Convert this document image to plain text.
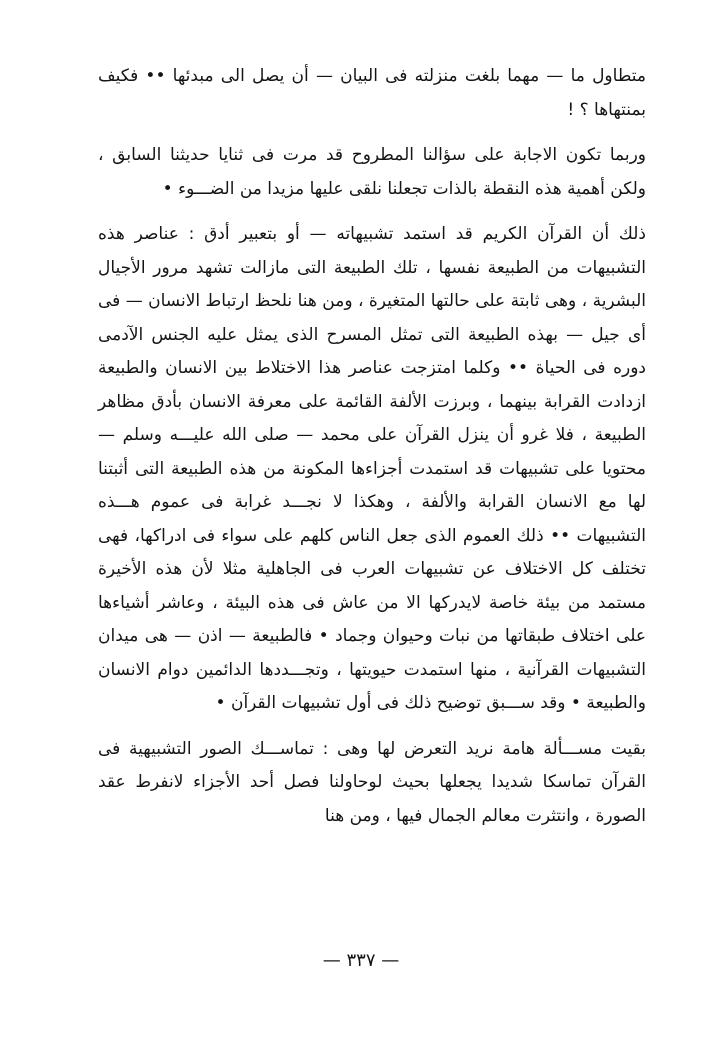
متطاول ما — مهما بلغت منزلته فى البيان — أن يصل الى مبدئها •• فكيف بمنتهاها ؟ !

وربما تكون الاجابة على سؤالنا المطروح قد مرت فى ثنايا حديثنا السابق ، ولكن أهمية هذه النقطة بالذات تجعلنا نلقى عليها مزيدا من الضـــوء •

ذلك أن القرآن الكريم قد استمد تشبيهاته — أو بتعبير أدق : عناصر هذه التشبيهات من الطبيعة نفسها ، تلك الطبيعة التى مازالت تشهد مرور الأجيال البشرية ، وهى ثابتة على حالتها المتغيرة ، ومن هنا نلحظ ارتباط الانسان — فى أى جيل — بهذه الطبيعة التى تمثل المسرح الذى يمثل عليه الجنس الآدمى دوره فى الحياة •• وكلما امتزجت عناصر هذا الاختلاط بين الانسان والطبيعة ازدادت القرابة بينهما ، وبرزت الألفة القائمة على معرفة الانسان بأدق مظاهر الطبيعة ، فلا غرو أن ينزل القرآن على محمد — صلى الله عليـــه وسلم — محتويا على تشبيهات قد استمدت أجزاءها المكونة من هذه الطبيعة التى أثبتنا لها مع الانسان القرابة والألفة ، وهكذا لا نجـــد غرابة فى عموم هـــذه التشبيهات •• ذلك العموم الذى جعل الناس كلهم على سواء فى ادراكها، فهى تختلف كل الاختلاف عن تشبيهات العرب فى الجاهلية مثلا لأن هذه الأخيرة مستمد من بيئة خاصة لايدركها الا من عاش فى هذه البيئة ، وعاشر أشياءها على اختلاف طبقاتها من نبات وحيوان وجماد • فالطبيعة — اذن — هى ميدان التشبيهات القرآنية ، منها استمدت حيويتها ، وتجـــددها الدائمين دوام الانسان والطبيعة • وقد ســـبق توضيح ذلك فى أول تشبيهات القرآن •

بقيت مســـألة هامة نريد التعرض لها وهى : تماســـك الصور التشبيهية فى القرآن تماسكا شديدا يجعلها بحيث لوحاولنا فصل أحد الأجزاء لانفرط عقد الصورة ، وانتثرت معالم الجمال فيها ، ومن هنا

— ٣٣٧ —
